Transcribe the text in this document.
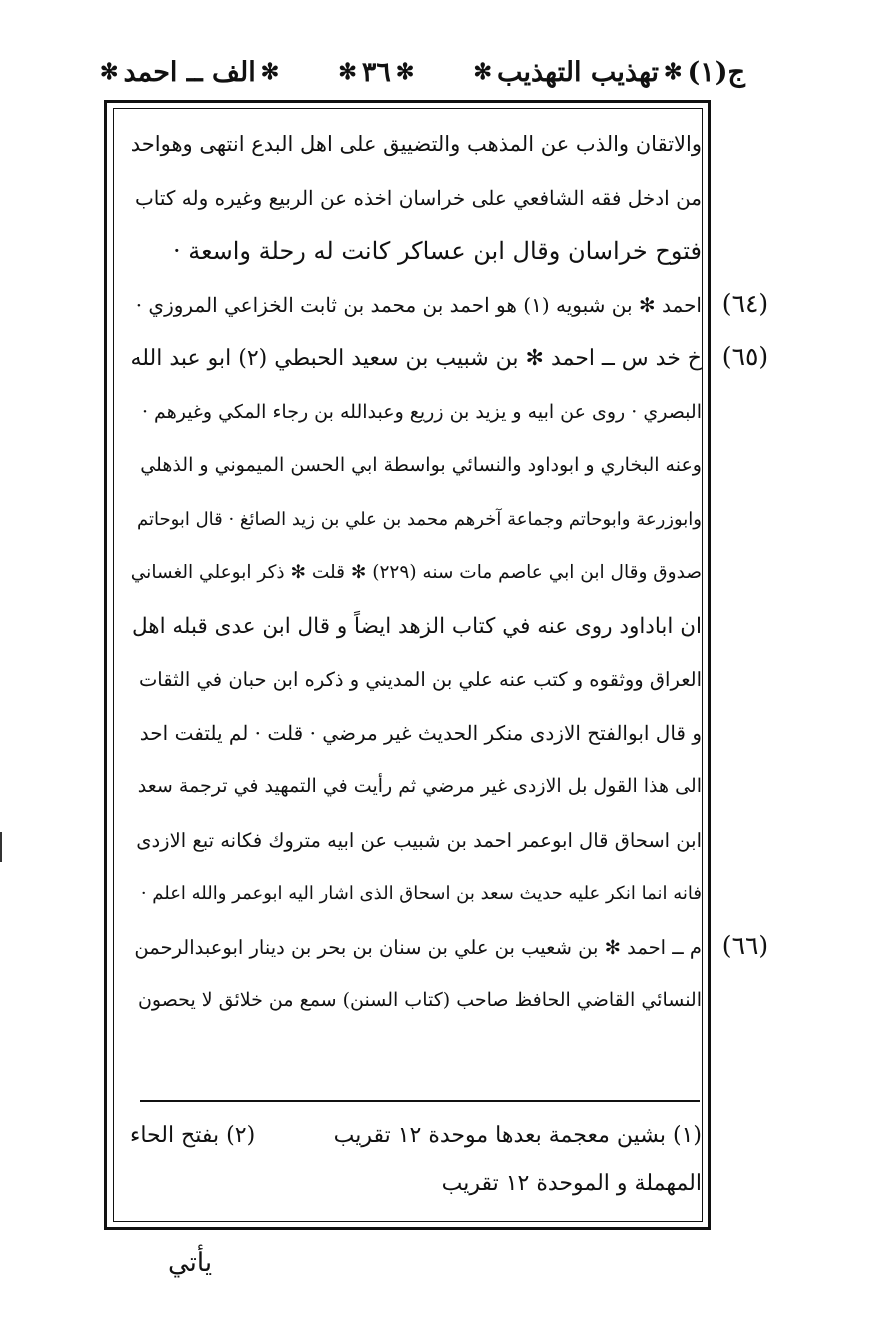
ج(١)
✻
تهذيب التهذيب
✻
✻
٣٦
✻
✻
الف ــ احمد
✻
والاتقان والذب عن المذهب والتضييق على اهل البدع انتهى وهواحد
من ادخل فقه الشافعي على خراسان اخذه عن الربيع وغيره وله كتاب
فتوح خراسان وقال ابن عساكر كانت له رحلة واسعة ·
احمد ✻ بن شبويه (١) هو احمد بن محمد بن ثابت الخزاعي المروزي ·
خ خد س ــ احمد ✻ بن شبيب بن سعيد الحبطي (٢) ابو عبد الله
البصري · روى عن ابيه و يزيد بن زريع وعبدالله بن رجاء المكي وغيرهم ·
وعنه البخاري و ابوداود والنسائي بواسطة ابي الحسن الميموني و الذهلي
وابوزرعة وابوحاتم وجماعة آخرهم محمد بن علي بن زيد الصائغ · قال ابوحاتم
صدوق وقال ابن ابي عاصم مات سنه (٢٢٩) ✻ قلت ✻ ذكر ابوعلي الغساني
ان اباداود روى عنه في كتاب الزهد ايضاً و قال ابن عدى قبله اهل
العراق ووثقوه و كتب عنه علي بن المديني و ذكره ابن حبان في الثقات
و قال ابوالفتح الازدى منكر الحديث غير مرضي · قلت · لم يلتفت احد
الى هذا القول بل الازدى غير مرضي ثم رأيت في التمهيد في ترجمة سعد
ابن اسحاق قال ابوعمر احمد بن شبيب عن ابيه متروك فكانه تبع الازدى
فانه انما انكر عليه حديث سعد بن اسحاق الذى اشار اليه ابوعمر والله اعلم ·
م ــ احمد ✻ بن شعيب بن علي بن سنان بن بحر بن دينار ابوعبدالرحمن
النسائي القاضي الحافظ صاحب (كتاب السنن) سمع من خلائق لا يحصون
(٦٤)
(٦٥)
(٦٦)
(١) بشين معجمة بعدها موحدة ١٢ تقريب
(٢) بفتح الحاء
المهملة و الموحدة ١٢ تقريب
يأتي
